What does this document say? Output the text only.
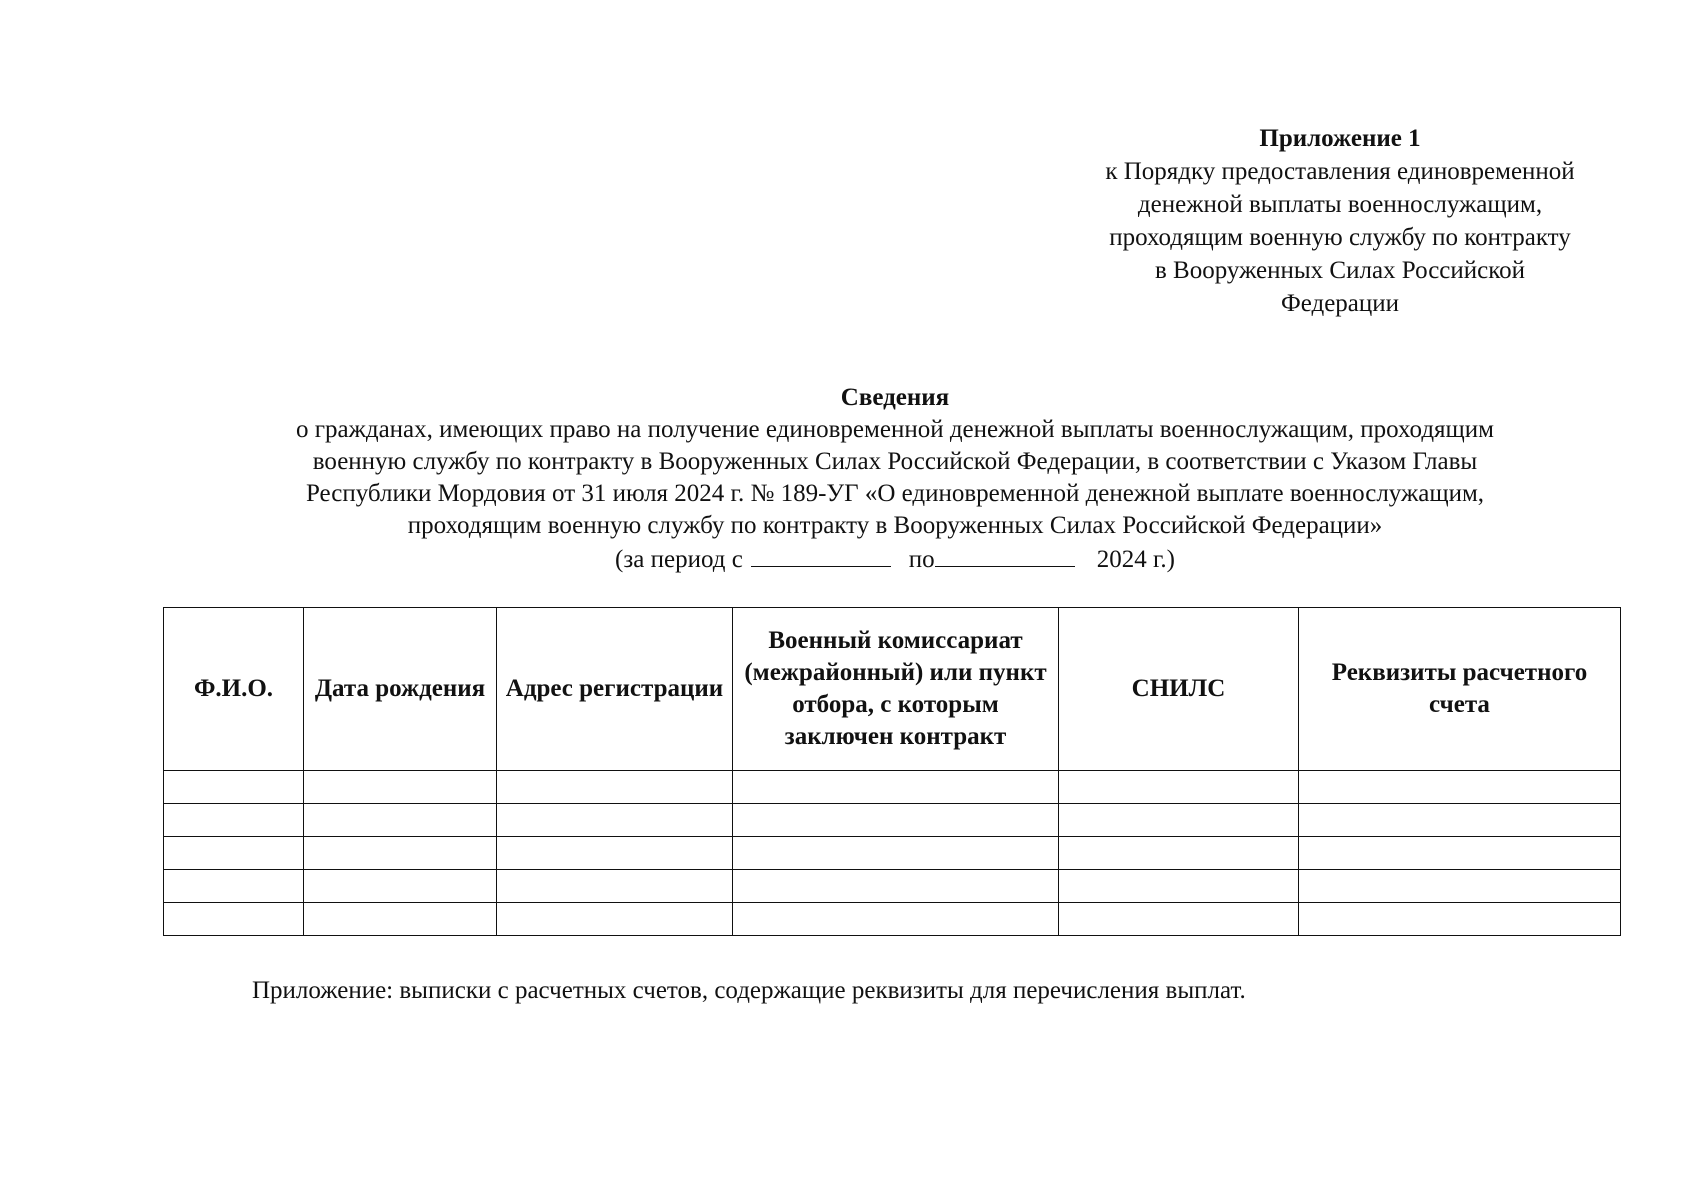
Приложение 1
к Порядку предоставления единовременной
денежной выплаты военнослужащим,
проходящим военную службу по контракту
в Вооруженных Силах Российской
Федерации
Сведения
о гражданах, имеющих право на получение единовременной денежной выплаты военнослужащим, проходящим
военную службу по контракту в Вооруженных Силах Российской Федерации, в соответствии с Указом Главы
Республики Мордовия от 31 июля 2024 г. № 189-УГ «О единовременной денежной выплате военнослужащим,
проходящим военную службу по контракту в Вооруженных Силах Российской Федерации»
(за период с	по	2024 г.)
Ф.И.О.	Дата рождения	Адрес регистрации	Военный комиссариат (межрайонный) или пункт отбора, с которым заключен контракт	СНИЛС	Реквизиты расчетного счета

Приложение: выписки с расчетных счетов, содержащие реквизиты для перечисления выплат.
